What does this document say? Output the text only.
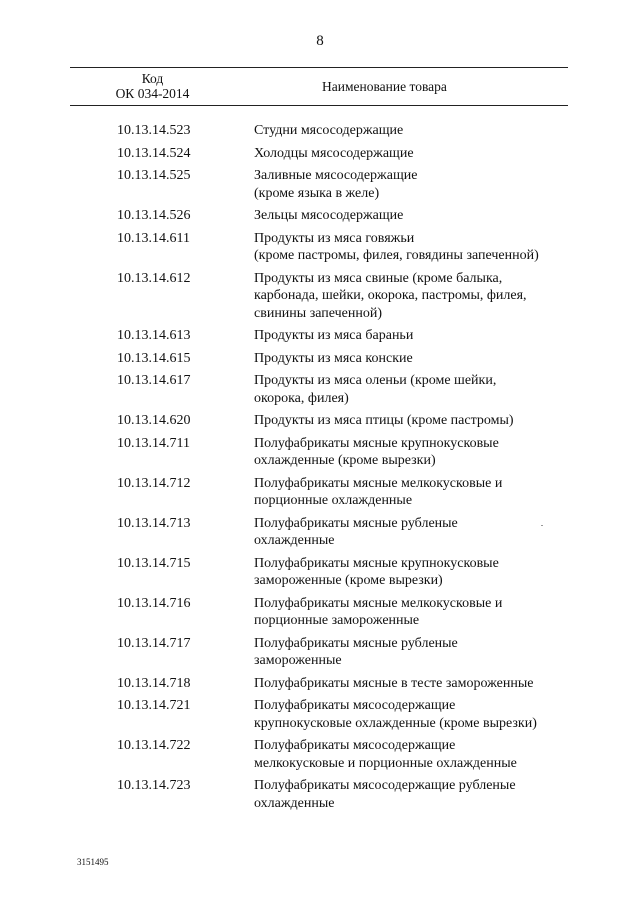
8
Код
ОК 034-2014	Наименование товара
10.13.14.523	Студни мясосодержащие
10.13.14.524	Холодцы мясосодержащие
10.13.14.525	Заливные мясосодержащие
(кроме языка в желе)
10.13.14.526	Зельцы мясосодержащие
10.13.14.611	Продукты из мяса говяжьи
(кроме пастромы, филея, говядины запеченной)
10.13.14.612	Продукты из мяса свиные (кроме балыка,
карбонада, шейки, окорока, пастромы, филея,
свинины запеченной)
10.13.14.613	Продукты из мяса бараньи
10.13.14.615	Продукты из мяса конские
10.13.14.617	Продукты из мяса оленьи (кроме шейки,
окорока, филея)
10.13.14.620	Продукты из мяса птицы (кроме пастромы)
10.13.14.711	Полуфабрикаты мясные крупнокусковые
охлажденные (кроме вырезки)
10.13.14.712	Полуфабрикаты мясные мелкокусковые и
порционные охлажденные
10.13.14.713	Полуфабрикаты мясные рубленые
охлажденные
10.13.14.715	Полуфабрикаты мясные крупнокусковые
замороженные (кроме вырезки)
10.13.14.716	Полуфабрикаты мясные мелкокусковые и
порционные замороженные
10.13.14.717	Полуфабрикаты мясные рубленые
замороженные
10.13.14.718	Полуфабрикаты мясные в тесте замороженные
10.13.14.721	Полуфабрикаты мясосодержащие
крупнокусковые охлажденные (кроме вырезки)
10.13.14.722	Полуфабрикаты мясосодержащие
мелкокусковые и порционные охлажденные
10.13.14.723	Полуфабрикаты мясосодержащие рубленые
охлажденные
3151495
